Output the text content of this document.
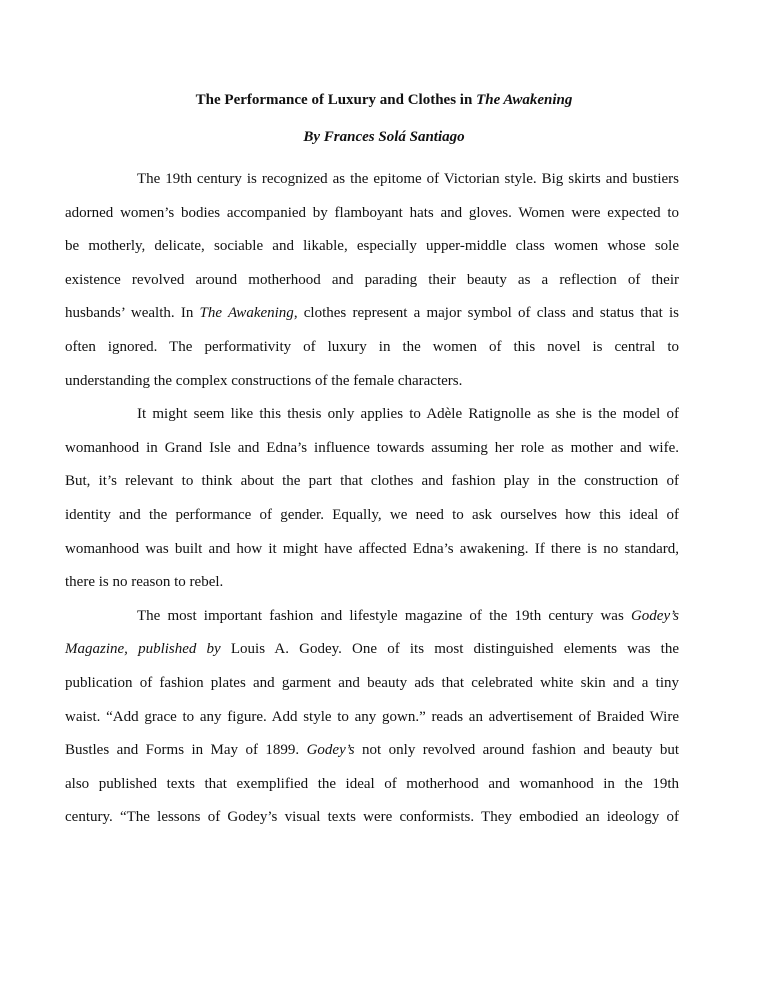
The Performance of Luxury and Clothes in The Awakening
By Frances Solá Santiago
The 19th century is recognized as the epitome of Victorian style. Big skirts and bustiers
adorned women’s bodies accompanied by flamboyant hats and gloves. Women were expected to
be motherly, delicate, sociable and likable, especially upper-middle class women whose sole
existence revolved around motherhood and parading their beauty as a reflection of their
husbands’ wealth. In The Awakening, clothes represent a major symbol of class and status that is
often ignored. The performativity of luxury in the women of this novel is central to
understanding the complex constructions of the female characters.
It might seem like this thesis only applies to Adèle Ratignolle as she is the model of
womanhood in Grand Isle and Edna’s influence towards assuming her role as mother and wife.
But, it’s relevant to think about the part that clothes and fashion play in the construction of
identity and the performance of gender. Equally, we need to ask ourselves how this ideal of
womanhood was built and how it might have affected Edna’s awakening. If there is no standard,
there is no reason to rebel.
The most important fashion and lifestyle magazine of the 19th century was Godey’s
Magazine, published by Louis A. Godey. One of its most distinguished elements was the
publication of fashion plates and garment and beauty ads that celebrated white skin and a tiny
waist. “Add grace to any figure. Add style to any gown.” reads an advertisement of Braided Wire
Bustles and Forms in May of 1899. Godey’s not only revolved around fashion and beauty but
also published texts that exemplified the ideal of motherhood and womanhood in the 19th
century. “The lessons of Godey’s visual texts were conformists. They embodied an ideology of
